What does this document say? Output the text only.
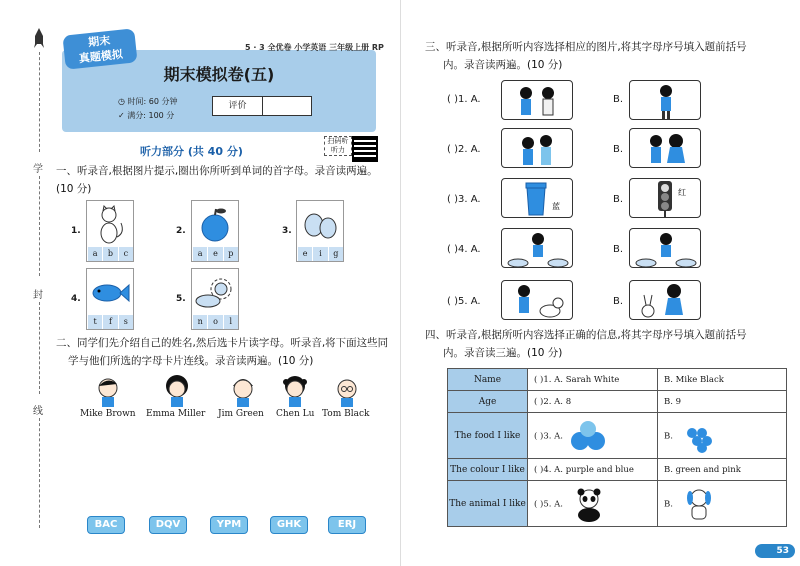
学
封
线
期末
真题模拟
5 · 3 全优卷 小学英语 三年级上册 RP
期末模拟卷(五)
◷ 时间: 60 分钟
✓ 满分: 100 分
评价
听力部分 (共 40 分)
扫码听听力
一、听录音,根据图片提示,圈出你所听到单词的首字母。录音读两遍。
(10 分)
1.
a	b	c
2.
a	e	p
3.
e	i	g
4.
t	f	s
5.
n	o	l
二、同学们先介绍自己的姓名,然后选卡片读字母。听录音,将下面这些同
学与他们所选的字母卡片连线。录音读两遍。(10 分)
Mike Brown Emma Miller Jim Green Chen Lu Tom Black
BAC	DQV	YPM	GHK	ERJ
三、听录音,根据所听内容选择相应的图片,将其字母序号填入题前括号
内。录音读两遍。(10 分)
( )1. A.	B.
( )2. A.	B.
( )3. A.
蓝
B.
红
( )4. A.	B.
( )5. A.	B.
四、听录音,根据所听内容选择正确的信息,将其字母序号填入题前括号
内。录音读三遍。(10 分)
Name	( )1. A. Sarah White	B. Mike Black
Age	( )2. A. 8	B. 9
The food I like	( )3. A.	B.
The colour I like	( )4. A. purple and blue	B. green and pink
The animal I like	( )5. A.	B.
53
